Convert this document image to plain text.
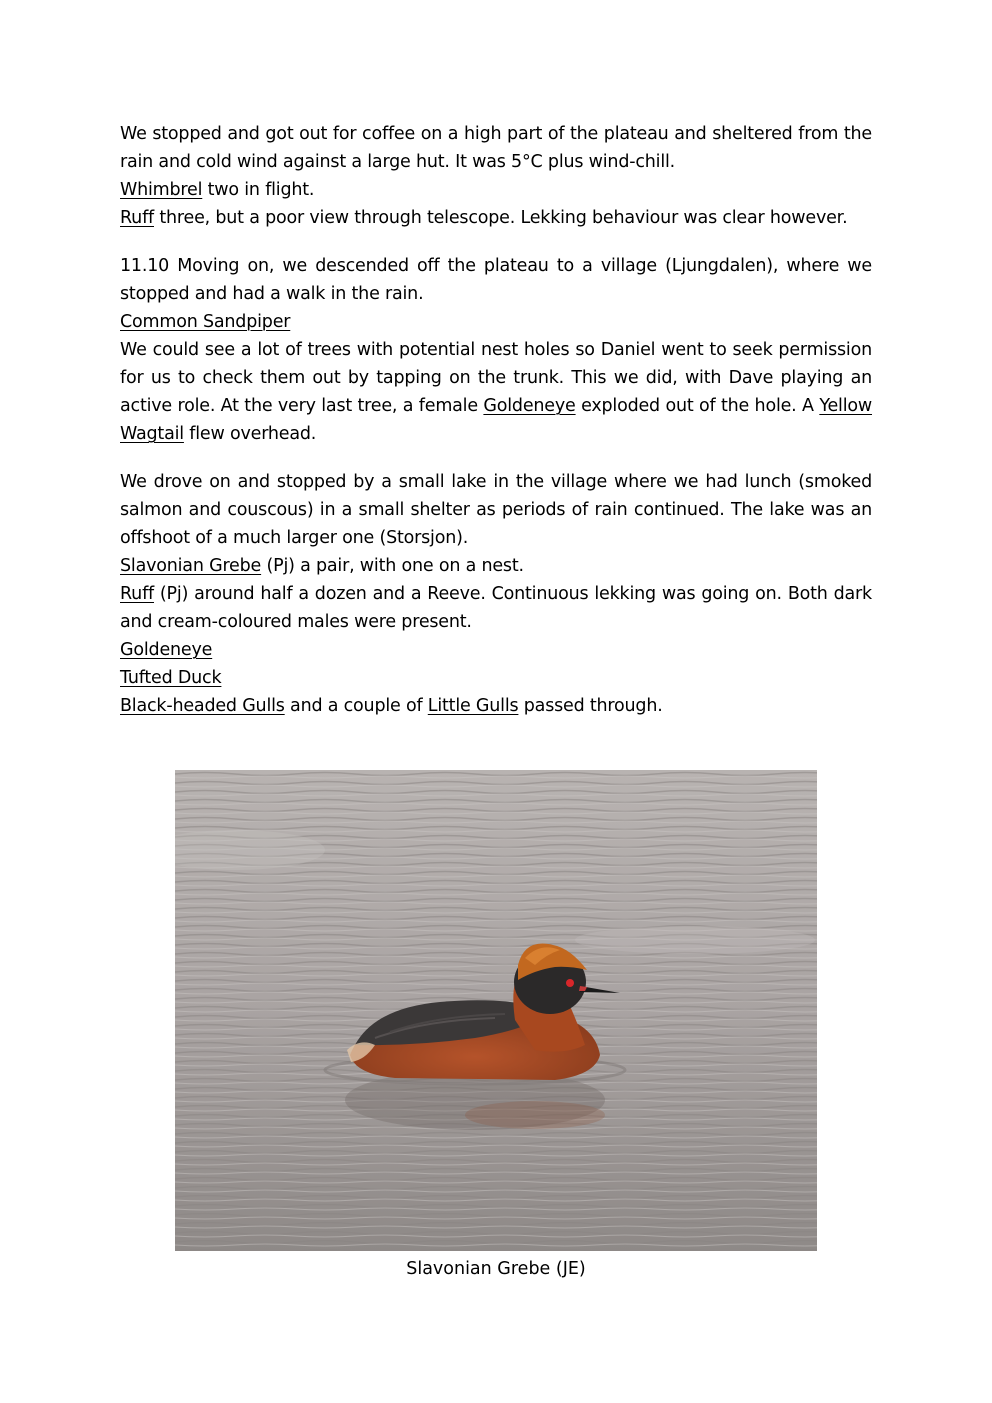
We stopped and got out for coffee on a high part of the plateau and sheltered from the rain and cold wind against a large hut. It was 5°C plus wind-chill.
Whimbrel two in flight.
Ruff three, but a poor view through telescope. Lekking behaviour was clear however.

11.10 Moving on, we descended off the plateau to a village (Ljungdalen), where we stopped and had a walk in the rain.
Common Sandpiper
We could see a lot of trees with potential nest holes so Daniel went to seek permission for us to check them out by tapping on the trunk. This we did, with Dave playing an active role. At the very last tree, a female Goldeneye exploded out of the hole. A Yellow Wagtail flew overhead.

We drove on and stopped by a small lake in the village where we had lunch (smoked salmon and couscous) in a small shelter as periods of rain continued. The lake was an offshoot of a much larger one (Storsjon).
Slavonian Grebe (Pj) a pair, with one on a nest.
Ruff (Pj) around half a dozen and a Reeve. Continuous lekking was going on. Both dark and cream-coloured males were present.
Goldeneye
Tufted Duck
Black-headed Gulls and a couple of Little Gulls passed through.

Slavonian Grebe (JE)
